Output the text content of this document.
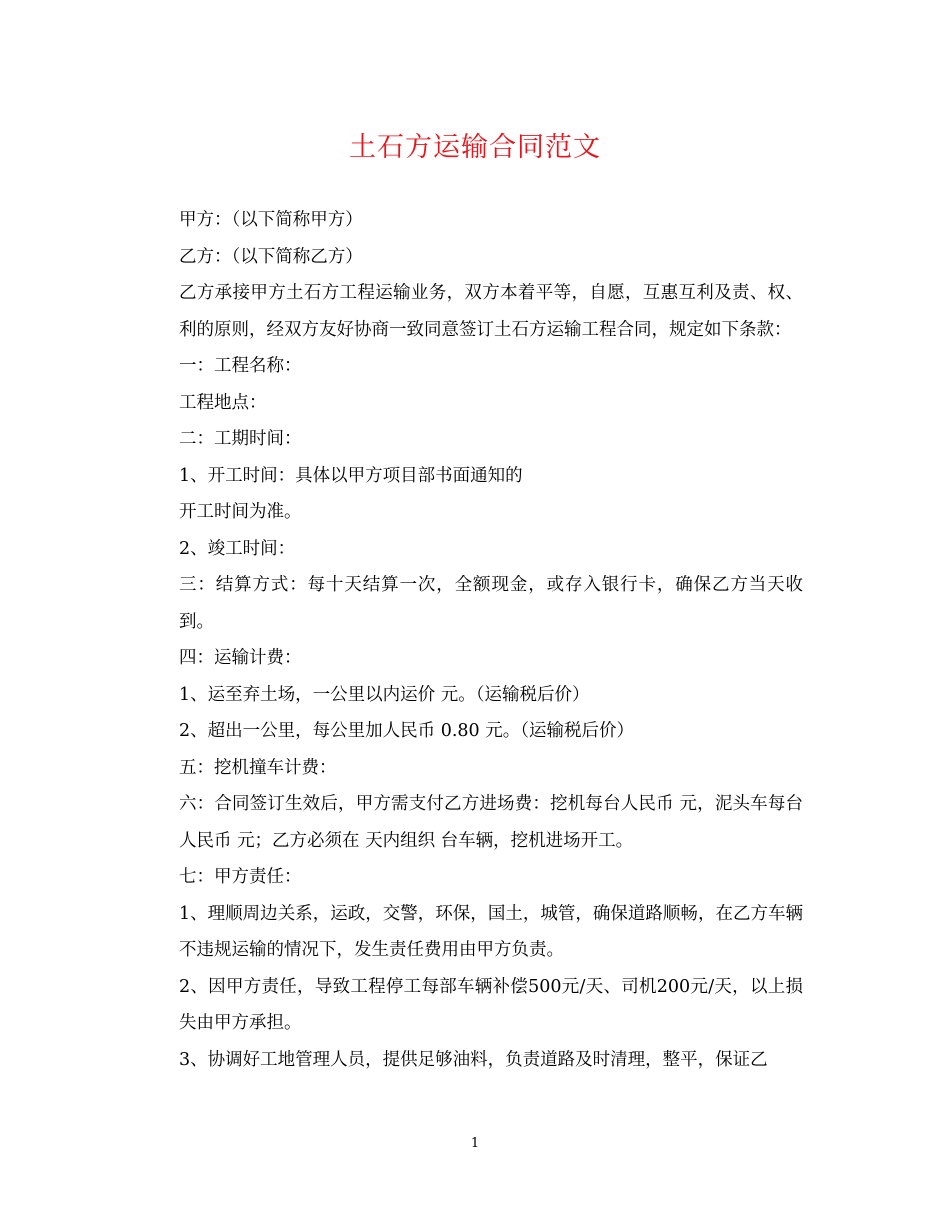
土石方运输合同范文

甲方：（以下简称甲方）

乙方：（以下简称乙方）

乙方承接甲方土石方工程运输业务，双方本着平等，自愿，互惠互利及责、权、利的原则，经双方友好协商一致同意签订土石方运输工程合同，规定如下条款：

一：工程名称：

工程地点：

二：工期时间：

1、开工时间：具体以甲方项目部书面通知的

开工时间为准。

2、竣工时间：

三：结算方式：每十天结算一次，全额现金，或存入银行卡，确保乙方当天收到。

四：运输计费：

1、运至弃土场，一公里以内运价 元。（运输税后价）

2、超出一公里，每公里加人民币 0.80 元。（运输税后价）

五：挖机撞车计费：

六：合同签订生效后，甲方需支付乙方进场费：挖机每台人民币 元，泥头车每台人民币 元；乙方必须在 天内组织 台车辆，挖机进场开工。

七：甲方责任：

1、理顺周边关系，运政，交警，环保，国土，城管，确保道路顺畅，在乙方车辆不违规运输的情况下，发生责任费用由甲方负责。

2、因甲方责任，导致工程停工每部车辆补偿500元/天、司机200元/天，以上损失由甲方承担。

3、协调好工地管理人员，提供足够油料，负责道路及时清理，整平，保证乙

1
